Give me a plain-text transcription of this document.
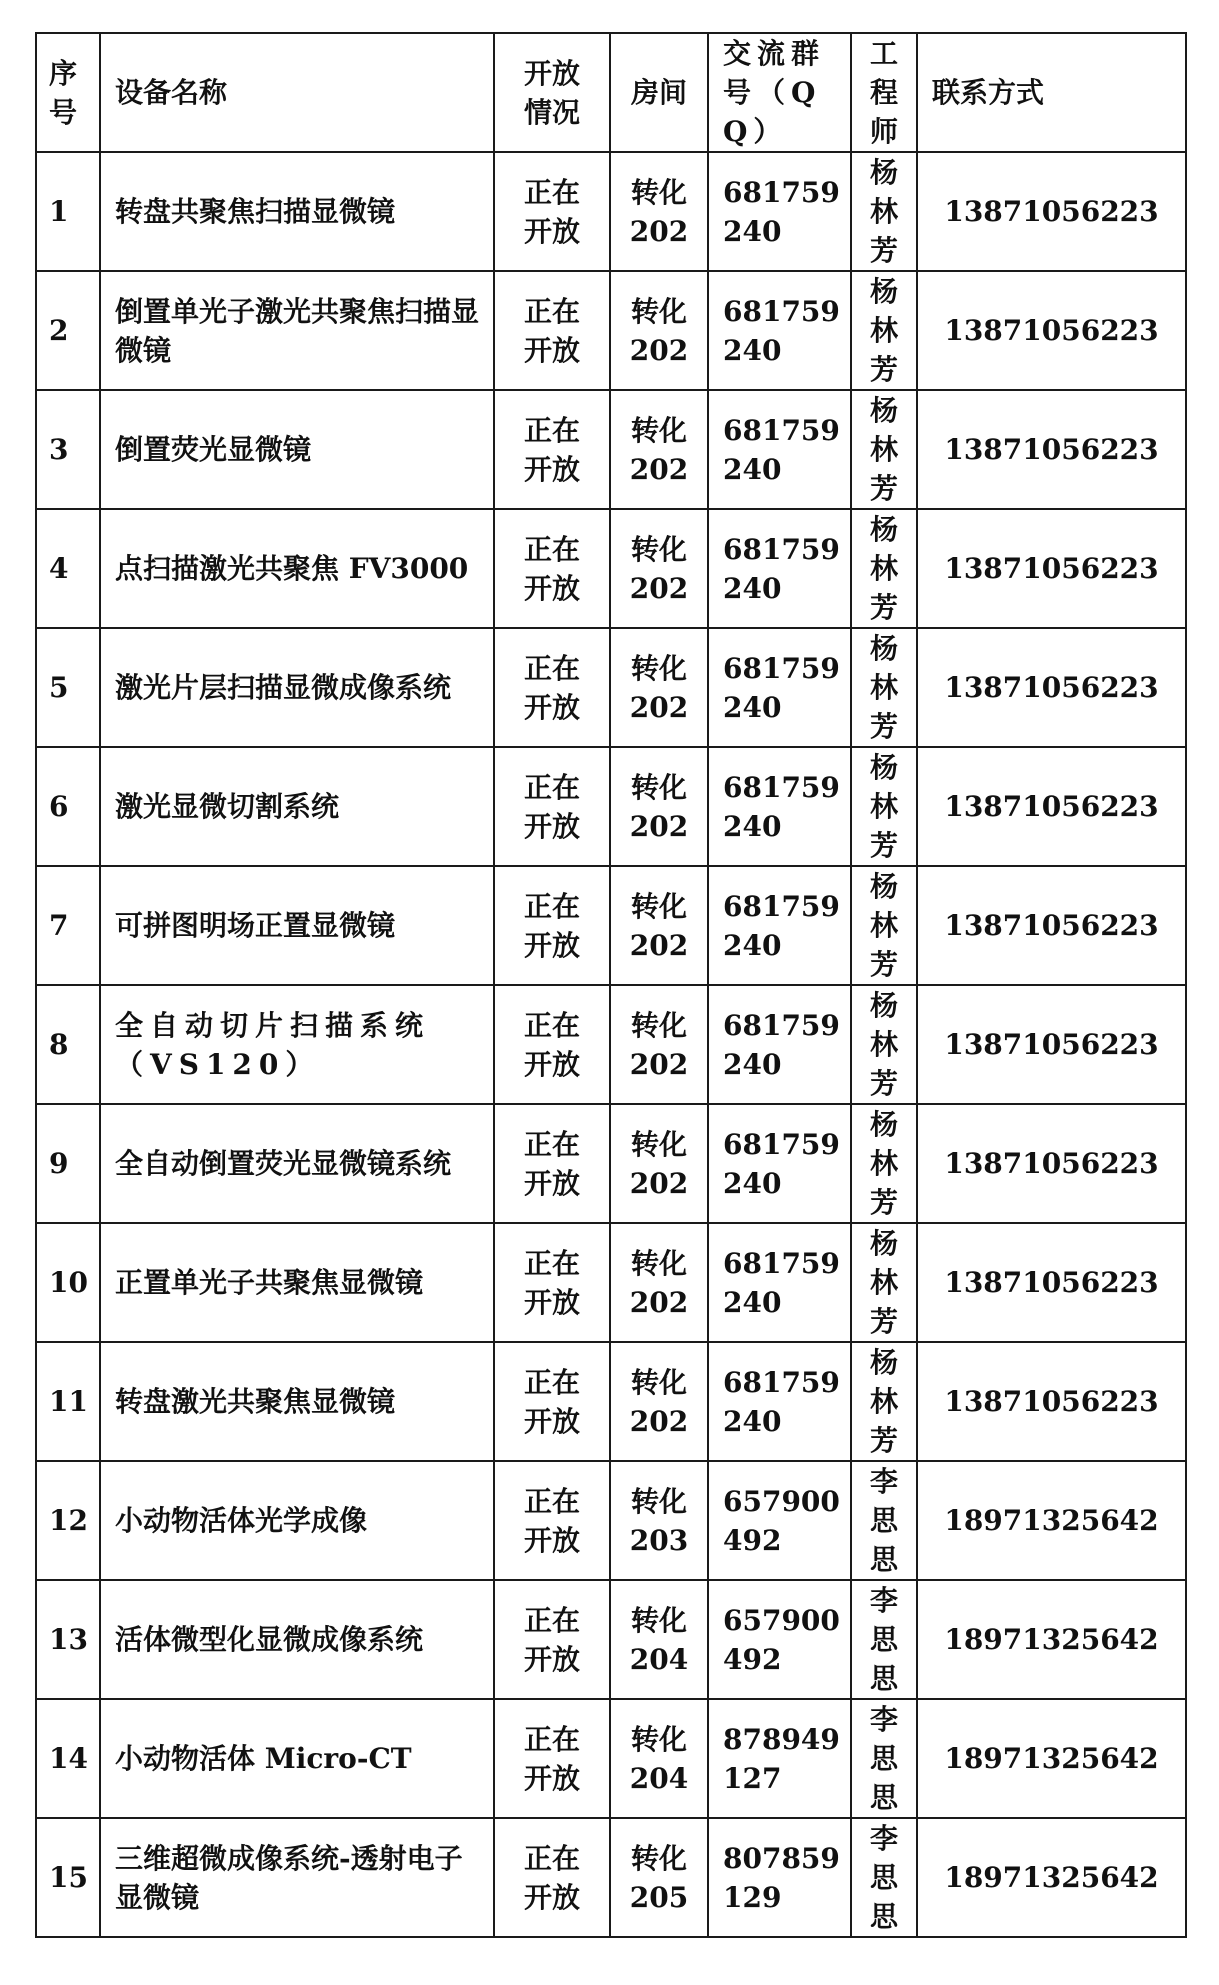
序号	设备名称	开放情况	房间	交流群号（QQ）	工程师	联系方式

1	转盘共聚焦扫描显微镜	正在开放	转化202	681759240	杨林芳	13871056223

2	倒置单光子激光共聚焦扫描显微镜	正在开放	转化202	681759240	杨林芳	13871056223

3	倒置荧光显微镜	正在开放	转化202	681759240	杨林芳	13871056223

4	点扫描激光共聚焦 FV3000	正在开放	转化202	681759240	杨林芳	13871056223

5	激光片层扫描显微成像系统	正在开放	转化202	681759240	杨林芳	13871056223

6	激光显微切割系统	正在开放	转化202	681759240	杨林芳	13871056223

7	可拼图明场正置显微镜	正在开放	转化202	681759240	杨林芳	13871056223

8	全自动切片扫描系统（VS120）	正在开放	转化202	681759240	杨林芳	13871056223

9	全自动倒置荧光显微镜系统	正在开放	转化202	681759240	杨林芳	13871056223

10	正置单光子共聚焦显微镜	正在开放	转化202	681759240	杨林芳	13871056223

11	转盘激光共聚焦显微镜	正在开放	转化202	681759240	杨林芳	13871056223

12	小动物活体光学成像	正在开放	转化203	657900492	李思思	18971325642

13	活体微型化显微成像系统	正在开放	转化204	657900492	李思思	18971325642

14	小动物活体 Micro-CT	正在开放	转化204	878949127	李思思	18971325642

15	三维超微成像系统-透射电子显微镜	正在开放	转化205	807859129	李思思	18971325642
